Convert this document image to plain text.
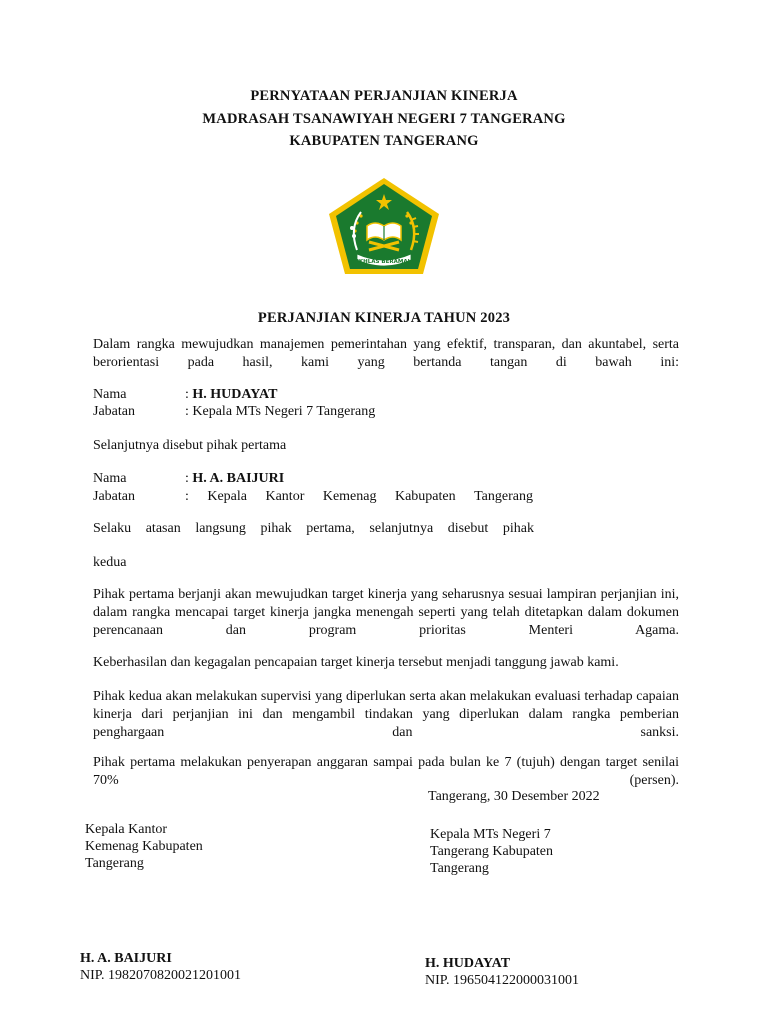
PERNYATAAN PERJANJIAN KINERJA
MADRASAH TSANAWIYAH NEGERI 7 TANGERANG
KABUPATEN TANGERANG
IKHLAS BERAMAL
PERJANJIAN KINERJA TAHUN 2023
Dalam rangka mewujudkan manajemen pemerintahan yang efektif, transparan, dan akuntabel, serta berorientasi pada hasil, kami yang bertanda tangan di bawah ini:
Nama	: H. HUDAYAT
Jabatan	: Kepala MTs Negeri 7 Tangerang
Selanjutnya disebut pihak pertama
Nama	: H. A. BAIJURI
Jabatan	: Kepala Kantor Kemenag Kabupaten Tangerang
Selaku atasan langsung pihak pertama, selanjutnya disebut pihak
kedua
Pihak pertama berjanji akan mewujudkan target kinerja yang seharusnya sesuai lampiran perjanjian ini, dalam rangka mencapai target kinerja jangka menengah seperti yang telah ditetapkan dalam dokumen perencanaan dan program prioritas Menteri Agama.
Keberhasilan dan kegagalan pencapaian target kinerja tersebut menjadi tanggung jawab kami.
Pihak kedua akan melakukan supervisi yang diperlukan serta akan melakukan evaluasi terhadap capaian kinerja dari perjanjian ini dan mengambil tindakan yang diperlukan dalam rangka pemberian penghargaan dan sanksi.
Pihak pertama melakukan penyerapan anggaran sampai pada bulan ke 7 (tujuh) dengan target senilai 70% (persen).
Tangerang, 30 Desember 2022
Kepala Kantor
Kemenag Kabupaten
Tangerang
H. A. BAIJURI
NIP. 1982070820021201001
Kepala MTs Negeri 7
Tangerang Kabupaten
Tangerang
H. HUDAYAT
NIP. 196504122000031001
